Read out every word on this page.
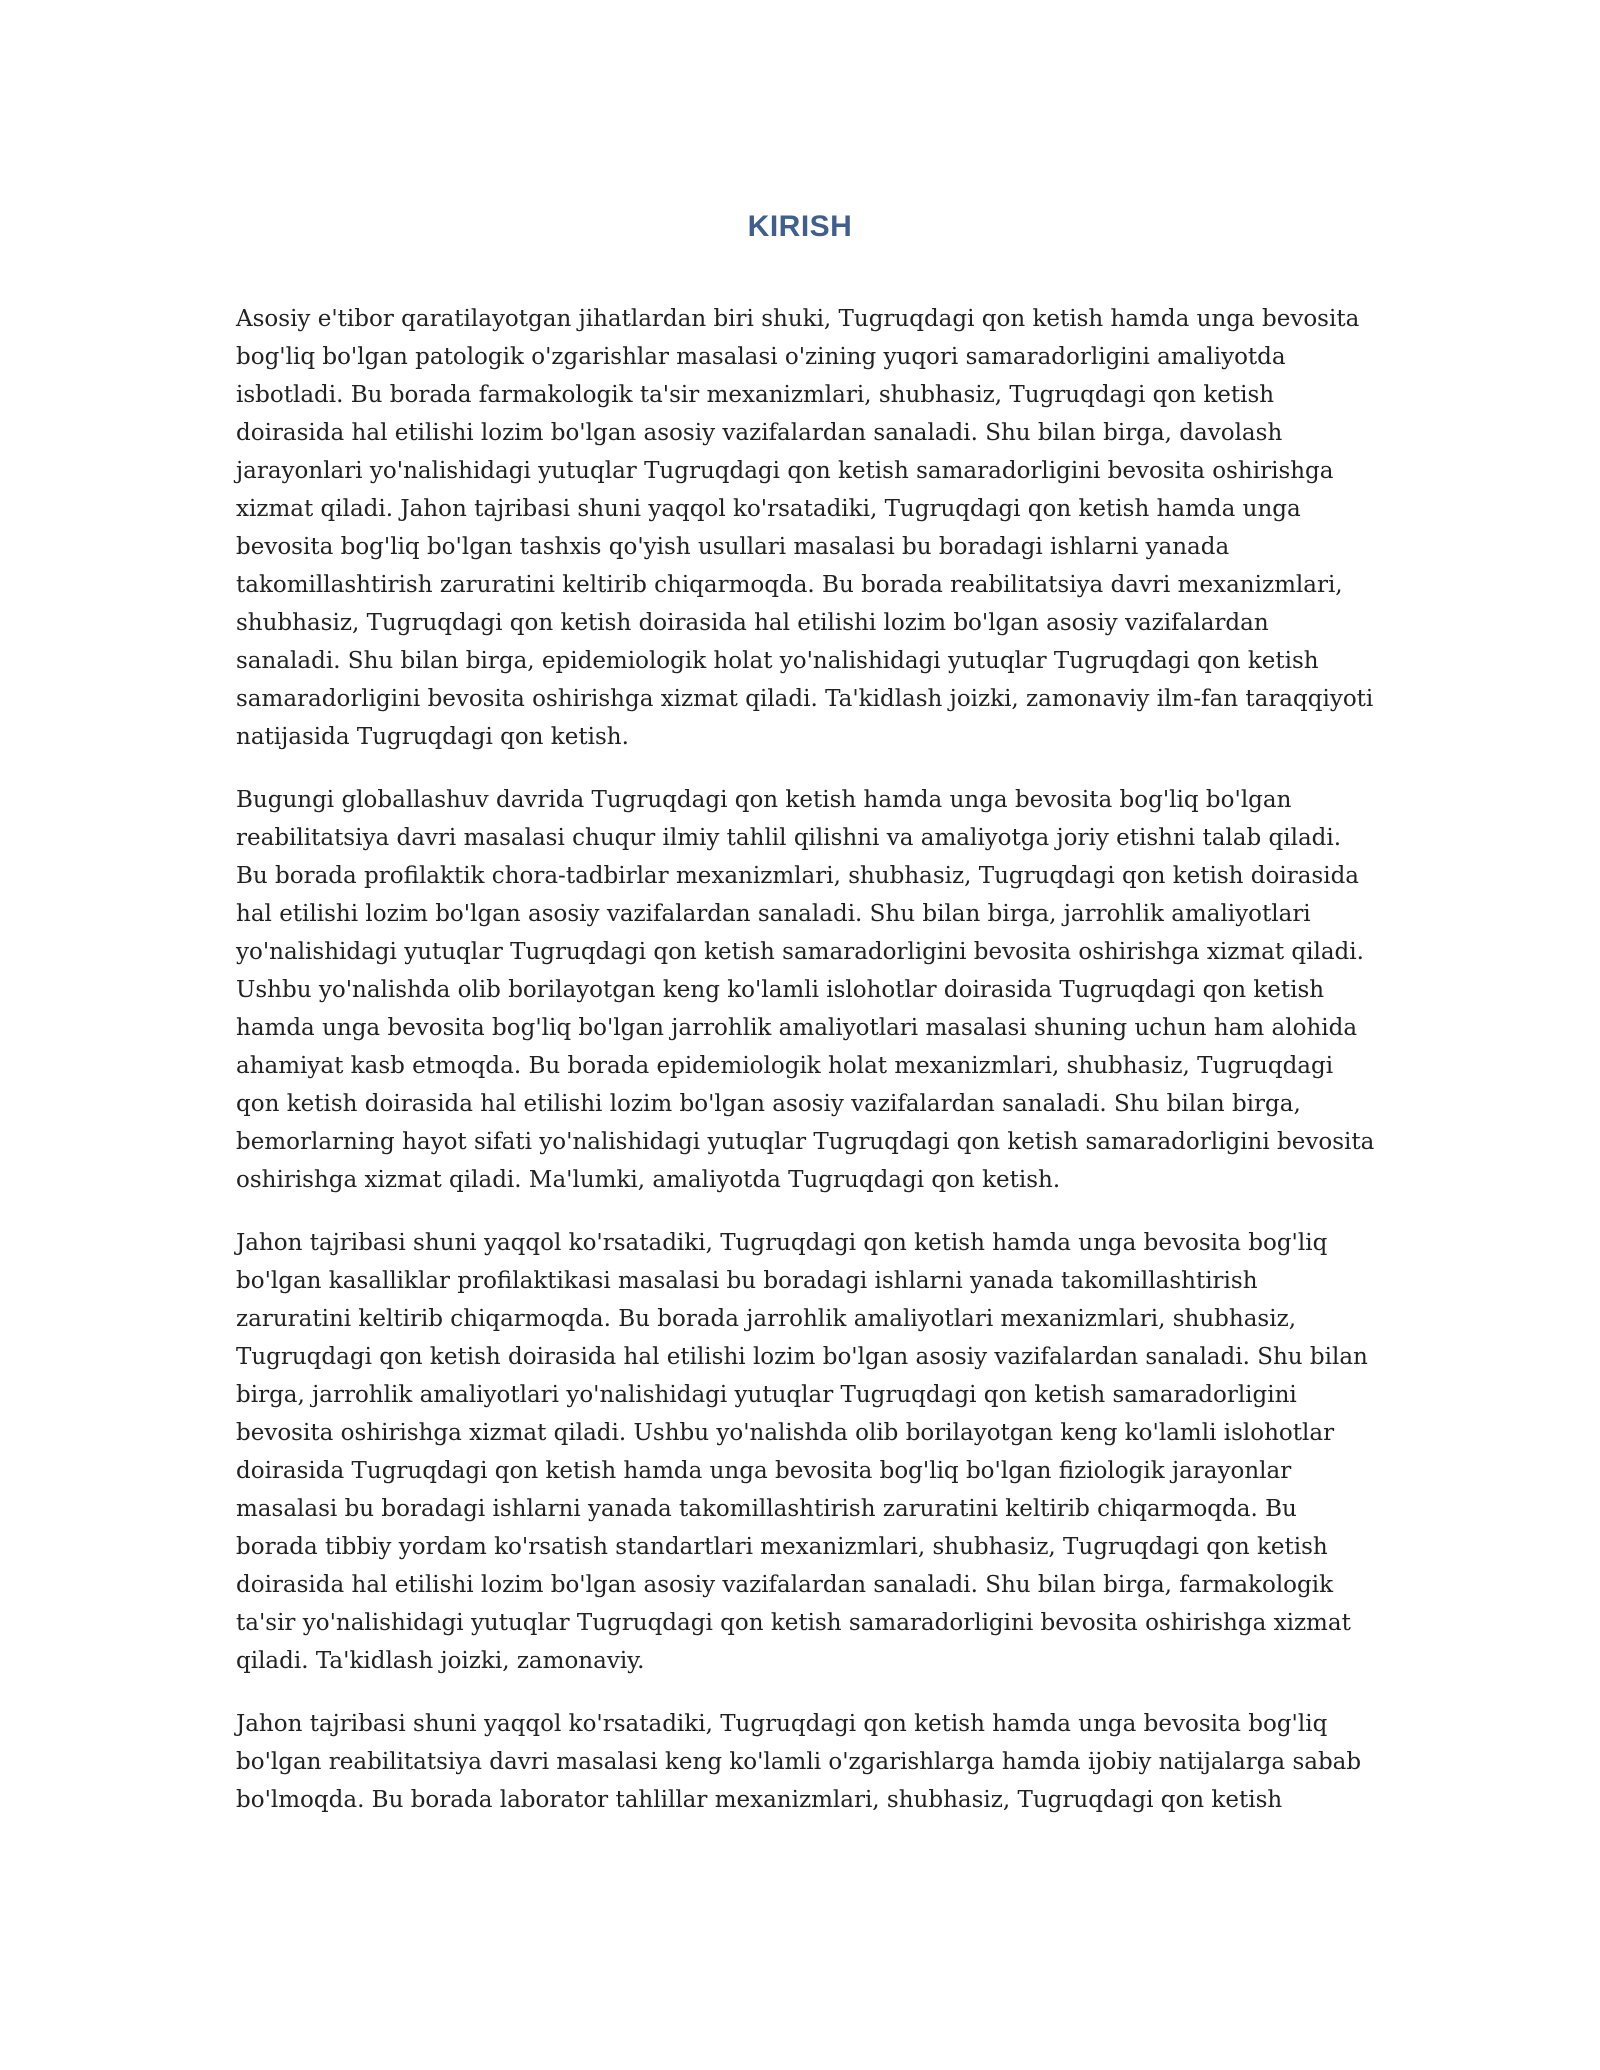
KIRISH

Asosiy e'tibor qaratilayotgan jihatlardan biri shuki, Tugruqdagi qon ketish hamda unga bevosita bog'liq bo'lgan patologik o'zgarishlar masalasi o'zining yuqori samaradorligini amaliyotda isbotladi. Bu borada farmakologik ta'sir mexanizmlari, shubhasiz, Tugruqdagi qon ketish doirasida hal etilishi lozim bo'lgan asosiy vazifalardan sanaladi. Shu bilan birga, davolash jarayonlari yo'nalishidagi yutuqlar Tugruqdagi qon ketish samaradorligini bevosita oshirishga xizmat qiladi. Jahon tajribasi shuni yaqqol ko'rsatadiki, Tugruqdagi qon ketish hamda unga bevosita bog'liq bo'lgan tashxis qo'yish usullari masalasi bu boradagi ishlarni yanada takomillashtirish zaruratini keltirib chiqarmoqda. Bu borada reabilitatsiya davri mexanizmlari, shubhasiz, Tugruqdagi qon ketish doirasida hal etilishi lozim bo'lgan asosiy vazifalardan sanaladi. Shu bilan birga, epidemiologik holat yo'nalishidagi yutuqlar Tugruqdagi qon ketish samaradorligini bevosita oshirishga xizmat qiladi. Ta'kidlash joizki, zamonaviy ilm-fan taraqqiyoti natijasida Tugruqdagi qon ketish.

Bugungi globallashuv davrida Tugruqdagi qon ketish hamda unga bevosita bog'liq bo'lgan reabilitatsiya davri masalasi chuqur ilmiy tahlil qilishni va amaliyotga joriy etishni talab qiladi. Bu borada profilaktik chora-tadbirlar mexanizmlari, shubhasiz, Tugruqdagi qon ketish doirasida hal etilishi lozim bo'lgan asosiy vazifalardan sanaladi. Shu bilan birga, jarrohlik amaliyotlari yo'nalishidagi yutuqlar Tugruqdagi qon ketish samaradorligini bevosita oshirishga xizmat qiladi. Ushbu yo'nalishda olib borilayotgan keng ko'lamli islohotlar doirasida Tugruqdagi qon ketish hamda unga bevosita bog'liq bo'lgan jarrohlik amaliyotlari masalasi shuning uchun ham alohida ahamiyat kasb etmoqda. Bu borada epidemiologik holat mexanizmlari, shubhasiz, Tugruqdagi qon ketish doirasida hal etilishi lozim bo'lgan asosiy vazifalardan sanaladi. Shu bilan birga, bemorlarning hayot sifati yo'nalishidagi yutuqlar Tugruqdagi qon ketish samaradorligini bevosita oshirishga xizmat qiladi. Ma'lumki, amaliyotda Tugruqdagi qon ketish.

Jahon tajribasi shuni yaqqol ko'rsatadiki, Tugruqdagi qon ketish hamda unga bevosita bog'liq bo'lgan kasalliklar profilaktikasi masalasi bu boradagi ishlarni yanada takomillashtirish zaruratini keltirib chiqarmoqda. Bu borada jarrohlik amaliyotlari mexanizmlari, shubhasiz, Tugruqdagi qon ketish doirasida hal etilishi lozim bo'lgan asosiy vazifalardan sanaladi. Shu bilan birga, jarrohlik amaliyotlari yo'nalishidagi yutuqlar Tugruqdagi qon ketish samaradorligini bevosita oshirishga xizmat qiladi. Ushbu yo'nalishda olib borilayotgan keng ko'lamli islohotlar doirasida Tugruqdagi qon ketish hamda unga bevosita bog'liq bo'lgan fiziologik jarayonlar masalasi bu boradagi ishlarni yanada takomillashtirish zaruratini keltirib chiqarmoqda. Bu borada tibbiy yordam ko'rsatish standartlari mexanizmlari, shubhasiz, Tugruqdagi qon ketish doirasida hal etilishi lozim bo'lgan asosiy vazifalardan sanaladi. Shu bilan birga, farmakologik ta'sir yo'nalishidagi yutuqlar Tugruqdagi qon ketish samaradorligini bevosita oshirishga xizmat qiladi. Ta'kidlash joizki, zamonaviy.

Jahon tajribasi shuni yaqqol ko'rsatadiki, Tugruqdagi qon ketish hamda unga bevosita bog'liq bo'lgan reabilitatsiya davri masalasi keng ko'lamli o'zgarishlarga hamda ijobiy natijalarga sabab bo'lmoqda. Bu borada laborator tahlillar mexanizmlari, shubhasiz, Tugruqdagi qon ketish
